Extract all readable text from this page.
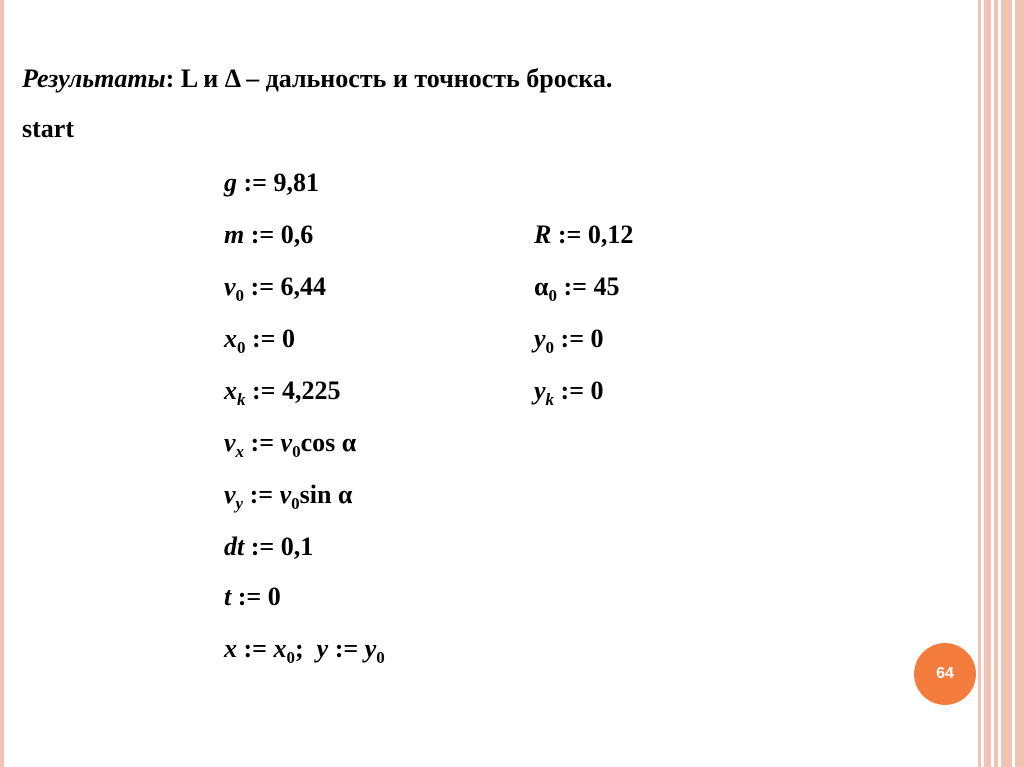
Результаты: L и Δ – дальность и точность броска.
start
g := 9,81
m := 0,6	R := 0,12
$v_0$ := 6,44	$\alpha_0$ := 45
$x_0$ := 0	$y_0$ := 0
$x_k$ := 4,225	$y_k$ := 0
$v_x$ := $v_0\cos$ α
$v_y$ := $v_0\sin$ α
dt := 0,1
t := 0
x := $x_0$;  y := $y_0$
64
